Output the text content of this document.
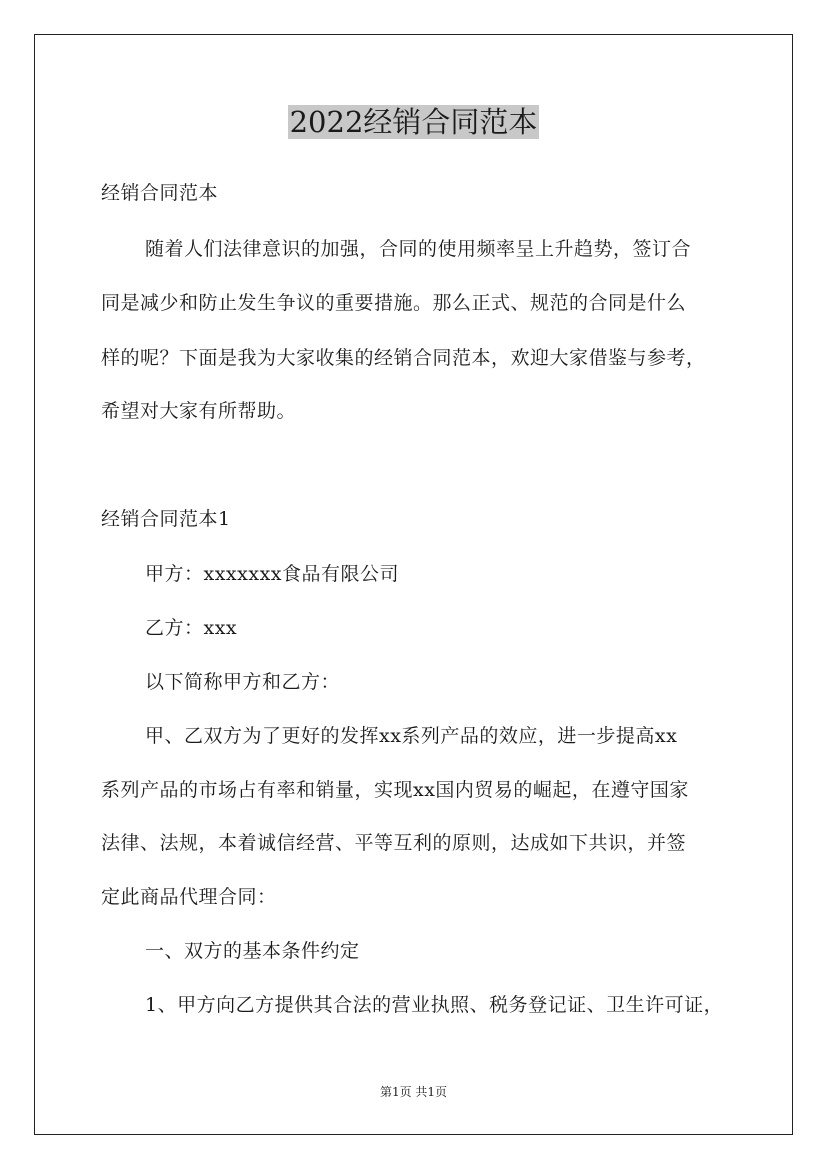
2022经销合同范本
经销合同范本
随着人们法律意识的加强，合同的使用频率呈上升趋势，签订合
同是减少和防止发生争议的重要措施。那么正式、规范的合同是什么
样的呢？下面是我为大家收集的经销合同范本，欢迎大家借鉴与参考，
希望对大家有所帮助。
经销合同范本1
甲方：xxxxxxx食品有限公司
乙方：xxx
以下简称甲方和乙方：
甲、乙双方为了更好的发挥xx系列产品的效应，进一步提高xx
系列产品的市场占有率和销量，实现xx国内贸易的崛起，在遵守国家
法律、法规，本着诚信经营、平等互利的原则，达成如下共识，并签
定此商品代理合同：
一、双方的基本条件约定
1、甲方向乙方提供其合法的营业执照、税务登记证、卫生许可证，
第1页 共1页
